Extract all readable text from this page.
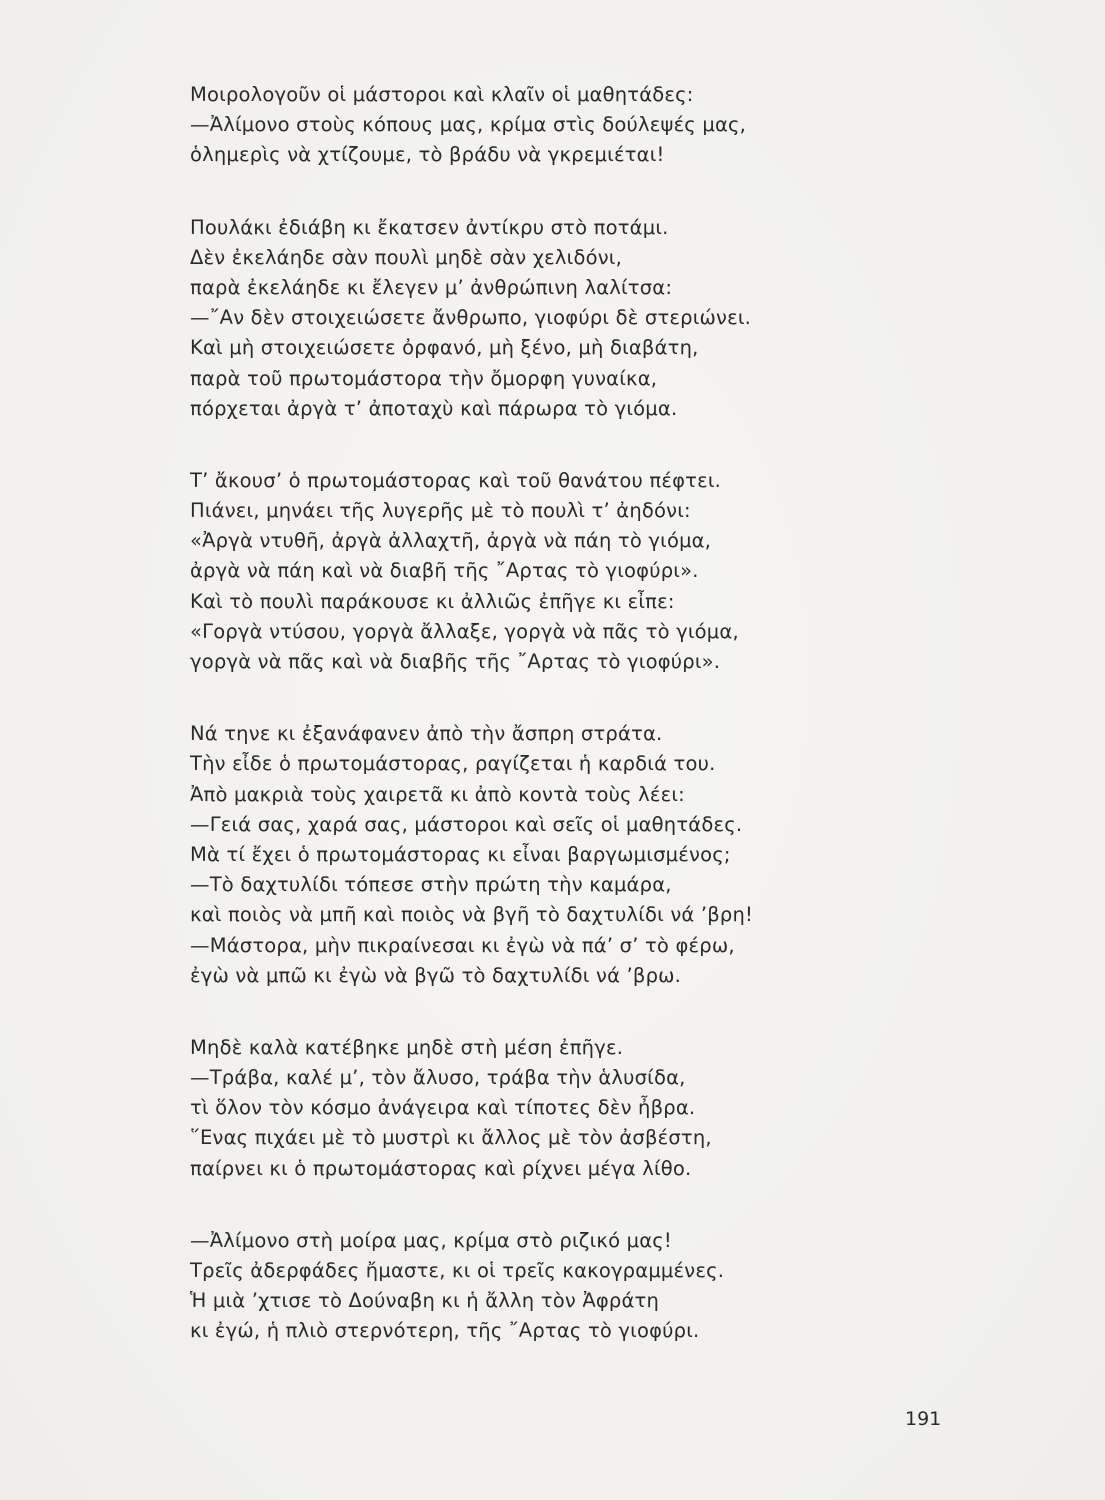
Μοιρολογοῦν οἱ μάστοροι καὶ κλαῖν οἱ μαθητάδες:
—Ἀλίμονο στοὺς κόπους μας, κρίμα στὶς δούλεψές μας,
ὁλημερὶς νὰ χτίζουμε, τὸ βράδυ νὰ γκρεμιέται!
Πουλάκι ἐδιάβη κι ἔκατσεν ἀντίκρυ στὸ ποτάμι.
Δὲν ἐκελάηδε σὰν πουλὶ μηδὲ σὰν χελιδόνι,
παρὰ ἐκελάηδε κι ἔλεγεν μ’ ἀνθρώπινη λαλίτσα:
—῎Αν δὲν στοιχειώσετε ἄνθρωπο, γιοφύρι δὲ στεριώνει.
Καὶ μὴ στοιχειώσετε ὀρφανό, μὴ ξένο, μὴ διαβάτη,
παρὰ τοῦ πρωτομάστορα τὴν ὄμορφη γυναίκα,
πόρχεται ἀργὰ τ’ ἀποταχὺ καὶ πάρωρα τὸ γιόμα.
Τ’ ἄκουσ’ ὁ πρωτομάστορας καὶ τοῦ θανάτου πέφτει.
Πιάνει, μηνάει τῆς λυγερῆς μὲ τὸ πουλὶ τ’ ἀηδόνι:
«Ἀργὰ ντυθῆ, ἀργὰ ἀλλαχτῆ, ἀργὰ νὰ πάη τὸ γιόμα,
ἀργὰ νὰ πάη καὶ νὰ διαβῆ τῆς ῎Αρτας τὸ γιοφύρι».
Καὶ τὸ πουλὶ παράκουσε κι ἀλλιῶς ἐπῆγε κι εἶπε:
«Γοργὰ ντύσου, γοργὰ ἄλλαξε, γοργὰ νὰ πᾶς τὸ γιόμα,
γοργὰ νὰ πᾶς καὶ νὰ διαβῆς τῆς ῎Αρτας τὸ γιοφύρι».
Νά τηνε κι ἐξανάφανεν ἀπὸ τὴν ἄσπρη στράτα.
Τὴν εἶδε ὁ πρωτομάστορας, ραγίζεται ἡ καρδιά του.
Ἀπὸ μακριὰ τοὺς χαιρετᾶ κι ἀπὸ κοντὰ τοὺς λέει:
—Γειά σας, χαρά σας, μάστοροι καὶ σεῖς οἱ μαθητάδες.
Μὰ τί ἔχει ὁ πρωτομάστορας κι εἶναι βαργωμισμένος;
—Τὸ δαχτυλίδι τόπεσε στὴν πρώτη τὴν καμάρα,
καὶ ποιὸς νὰ μπῆ καὶ ποιὸς νὰ βγῆ τὸ δαχτυλίδι νά ’βρη!
—Μάστορα, μὴν πικραίνεσαι κι ἐγὼ νὰ πά’ σ’ τὸ φέρω,
ἐγὼ νὰ μπῶ κι ἐγὼ νὰ βγῶ τὸ δαχτυλίδι νά ’βρω.
Μηδὲ καλὰ κατέβηκε μηδὲ στὴ μέση ἐπῆγε.
—Τράβα, καλέ μ’, τὸν ἄλυσο, τράβα τὴν ἁλυσίδα,
τὶ ὅλον τὸν κόσμο ἀνάγειρα καὶ τίποτες δὲν ἦβρα.
῞Ενας πιχάει μὲ τὸ μυστρὶ κι ἄλλος μὲ τὸν ἀσβέστη,
παίρνει κι ὁ πρωτομάστορας καὶ ρίχνει μέγα λίθο.
—Ἀλίμονο στὴ μοίρα μας, κρίμα στὸ ριζικό μας!
Τρεῖς ἀδερφάδες ἤμαστε, κι οἱ τρεῖς κακογραμμένες.
Ἡ μιὰ ’χτισε τὸ Δούναβη κι ἡ ἄλλη τὸν Ἀφράτη
κι ἐγώ, ἡ πλιὸ στερνότερη, τῆς ῎Αρτας τὸ γιοφύρι.
191
